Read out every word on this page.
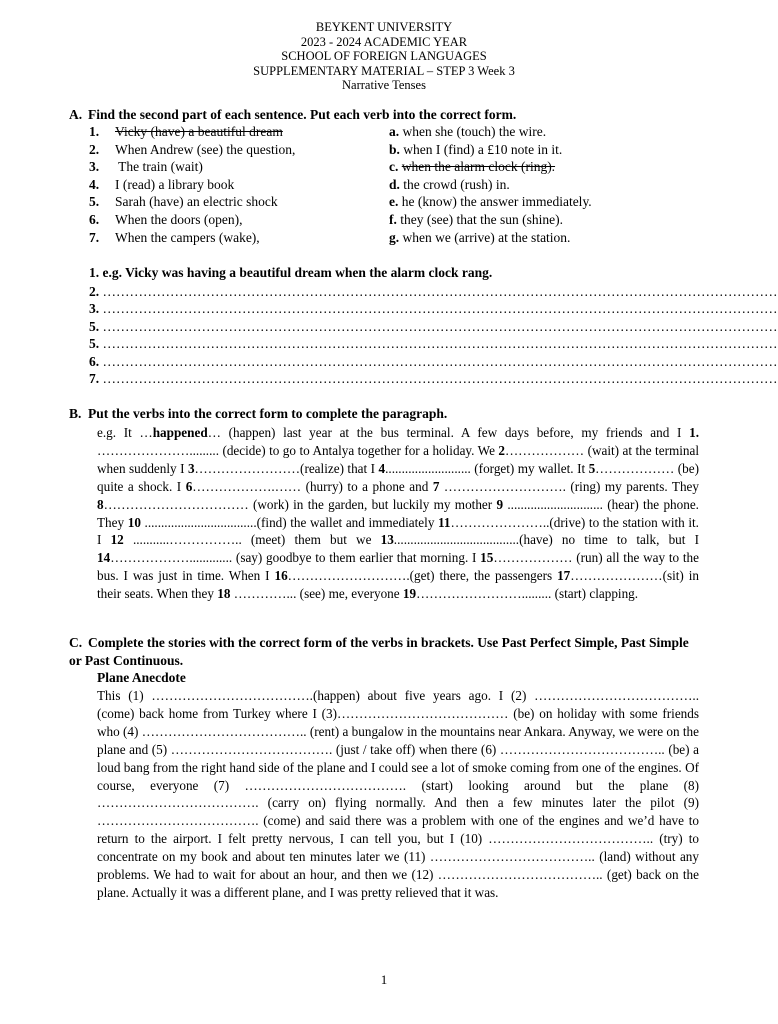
BEYKENT UNIVERSITY
2023 - 2024 ACADEMIC YEAR
SCHOOL OF FOREIGN LANGUAGES
SUPPLEMENTARY MATERIAL – STEP 3 Week 3
Narrative Tenses
A. Find the second part of each sentence. Put each verb into the correct form.
1. Vicky (have) a beautiful dream
2. When Andrew (see) the question,
3. The train (wait)
4. I (read) a library book
5. Sarah (have) an electric shock
6. When the doors (open),
7. When the campers (wake),
a. when she (touch) the wire.
b. when I (find) a £10 note in it.
c. when the alarm clock (ring).
d. the crowd (rush) in.
e. he (know) the answer immediately.
f. they (see) that the sun (shine).
g. when we (arrive) at the station.
1. e.g. Vicky was having a beautiful dream when the alarm clock rang.
2. ……………………………………………………………………………………………………………………………………
3. ……………………………………………………………………………………………………………………………………
5. ……………………………………………………………………………………………………………………………………
5. ……………………………………………………………………………………………………………………………………
6. ……………………………………………………………………………………………………………………………………
7. ……………………………………………………………………………………………………………………………………
B. Put the verbs into the correct form to complete the paragraph.
e.g. It …happened… (happen) last year at the bus terminal. A few days before, my friends and I 1. …………………......... (decide) to go to Antalya together for a holiday. We 2……………… (wait) at the terminal when suddenly I 3……………………(realize) that I 4.......................... (forget) my wallet. It 5……………… (be) quite a shock. I 6……………….…… (hurry) to a phone and 7 ………………………. (ring) my parents. They 8…………………………… (work) in the garden, but luckily my mother 9 ............................. (hear) the phone. They 10 ..................................(find) the wallet and immediately 11…………………..(drive) to the station with it. I 12 ...........…………….. (meet) them but we 13......................................(have) no time to talk, but I 14………………............. (say) goodbye to them earlier that morning. I 15……………… (run) all the way to the bus. I was just in time. When I 16……………………….(get) there, the passengers 17…………………(sit) in their seats. When they 18 …………... (see) me, everyone 19……………………......... (start) clapping.
C. Complete the stories with the correct form of the verbs in brackets. Use Past Perfect Simple, Past Simple or Past Continuous.
Plane Anecdote
This (1) ……………………………….(happen) about five years ago. I (2) ……………………………….. (come) back home from Turkey where I (3)………………………………… (be) on holiday with some friends who (4) ……………………………….. (rent) a bungalow in the mountains near Ankara. Anyway, we were on the plane and (5) ………………………………. (just / take off) when there (6) ……………………………….. (be) a loud bang from the right hand side of the plane and I could see a lot of smoke coming from one of the engines. Of course, everyone (7) ………………………………. (start) looking around but the plane (8) ………………………………. (carry on) flying normally. And then a few minutes later the pilot (9) ………………………………. (come) and said there was a problem with one of the engines and we’d have to return to the airport. I felt pretty nervous, I can tell you, but I (10) ……………………………….. (try) to concentrate on my book and about ten minutes later we (11) ……………………………….. (land) without any problems. We had to wait for about an hour, and then we (12) ……………………………….. (get) back on the plane. Actually it was a different plane, and I was pretty relieved that it was.
1
